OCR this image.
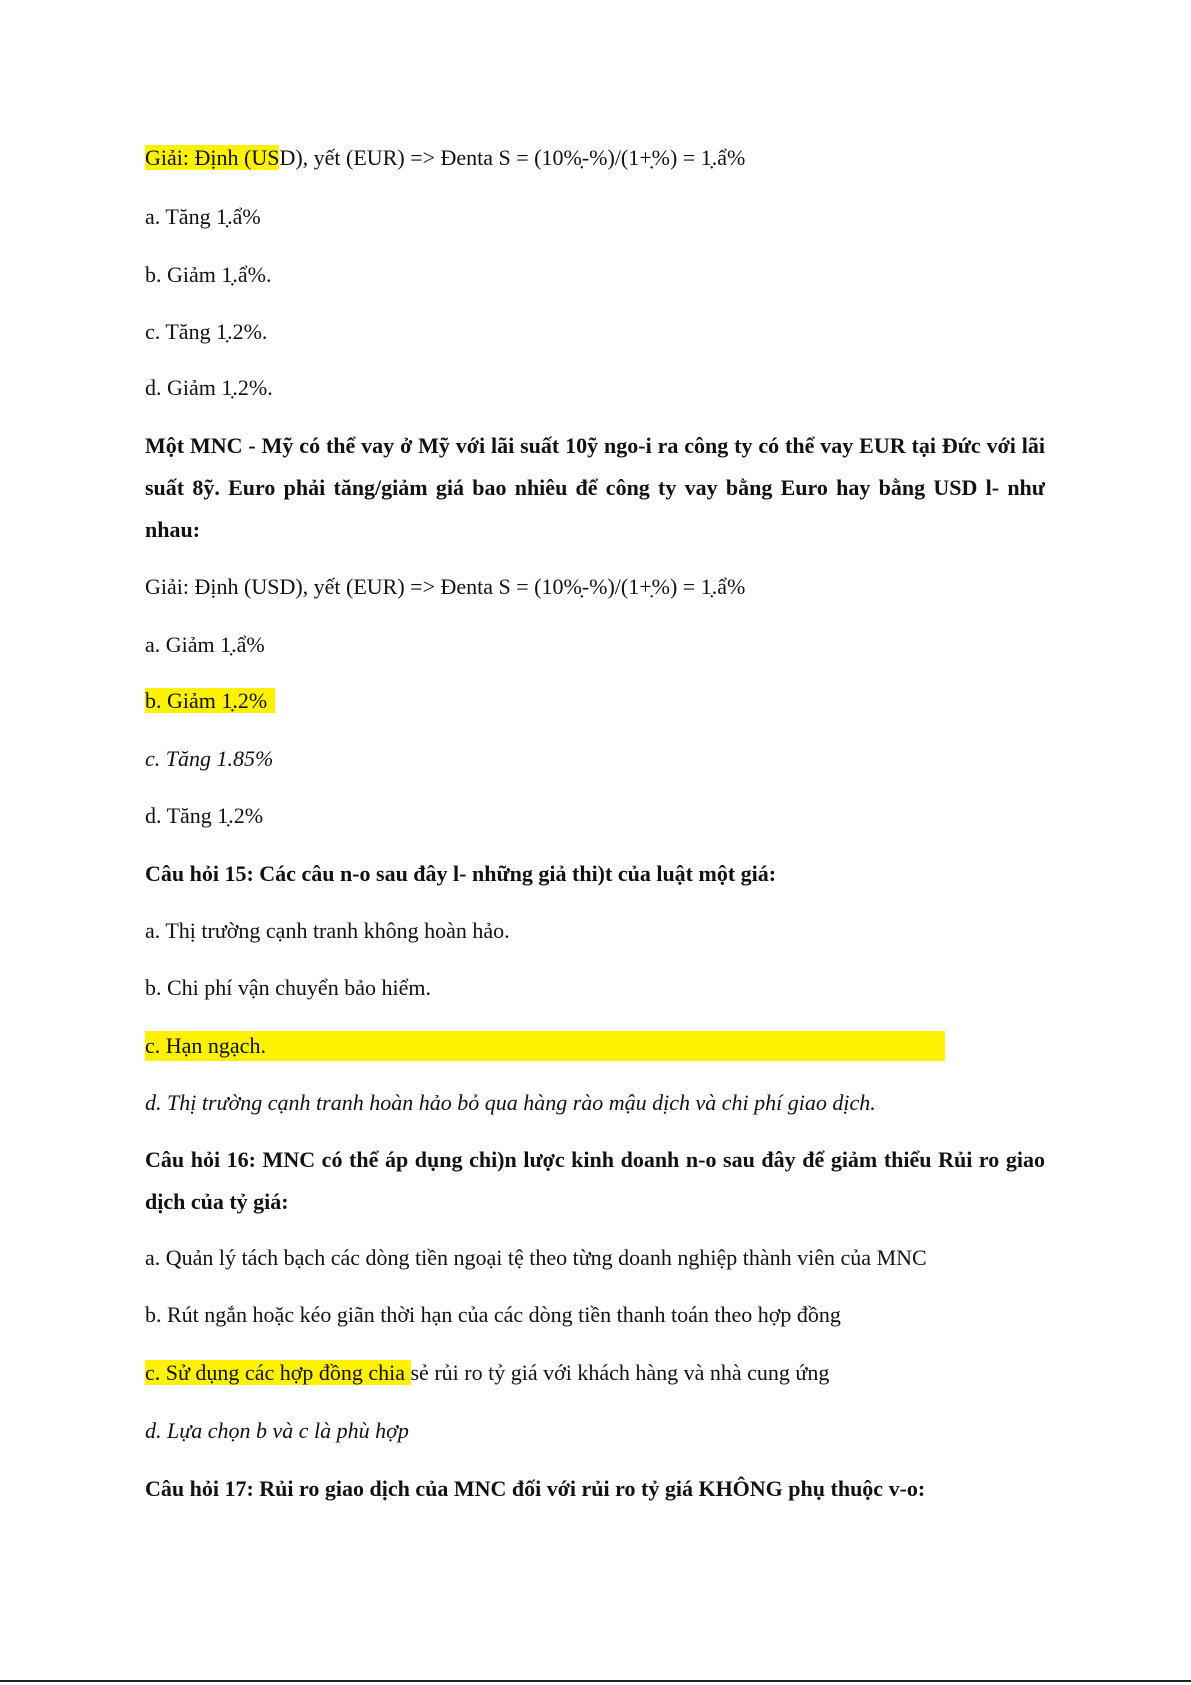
Giải: Định (USD), yết (EUR) => Đenta S = (10%̣-%)/(1+̣%) = 1̣.ẩ%
a. Tăng 1̣.ẩ%
b. Giảm 1̣.ẩ%.
c. Tăng 1̣.2%.
d. Giảm 1̣.2%.
Một MNC - Mỹ có thể vay ở Mỹ với lãi suất 10ỹ ngo-i ra công ty có thể vay EUR tại Đức với lãi suất 8ỹ. Euro phải tăng/giảm giá bao nhiêu để công ty vay bằng Euro hay bằng USD l- như nhau:
Giải: Định (USD), yết (EUR) => Đenta S = (10%̣-%)/(1+̣%) = 1̣.ẩ%
a. Giảm 1̣.ẩ%
b. Giảm 1̣.2%
c. Tăng 1.85%
d. Tăng 1̣.2%
Câu hỏi 15: Các câu n-o sau đây l- những giả thi)t của luật một giá:
a. Thị trường cạnh tranh không hoàn hảo.
b. Chi phí vận chuyển bảo hiểm.
c. Hạn ngạch.
d. Thị trường cạnh tranh hoàn hảo bỏ qua hàng rào mậu dịch và chi phí giao dịch.
Câu hỏi 16: MNC có thể áp dụng chi)n lược kinh doanh n-o sau đây để giảm thiểu Rủi ro giao dịch của tỷ giá:
a. Quản lý tách bạch các dòng tiền ngoại tệ theo từng doanh nghiệp thành viên của MNC
b. Rút ngắn hoặc kéo giãn thời hạn của các dòng tiền thanh toán theo hợp đồng
c. Sử dụng các hợp đồng chia sẻ rủi ro tỷ giá với khách hàng và nhà cung ứng
d. Lựa chọn b và c là phù hợp
Câu hỏi 17: Rủi ro giao dịch của MNC đối với rủi ro tỷ giá KHÔNG phụ thuộc v-o:
